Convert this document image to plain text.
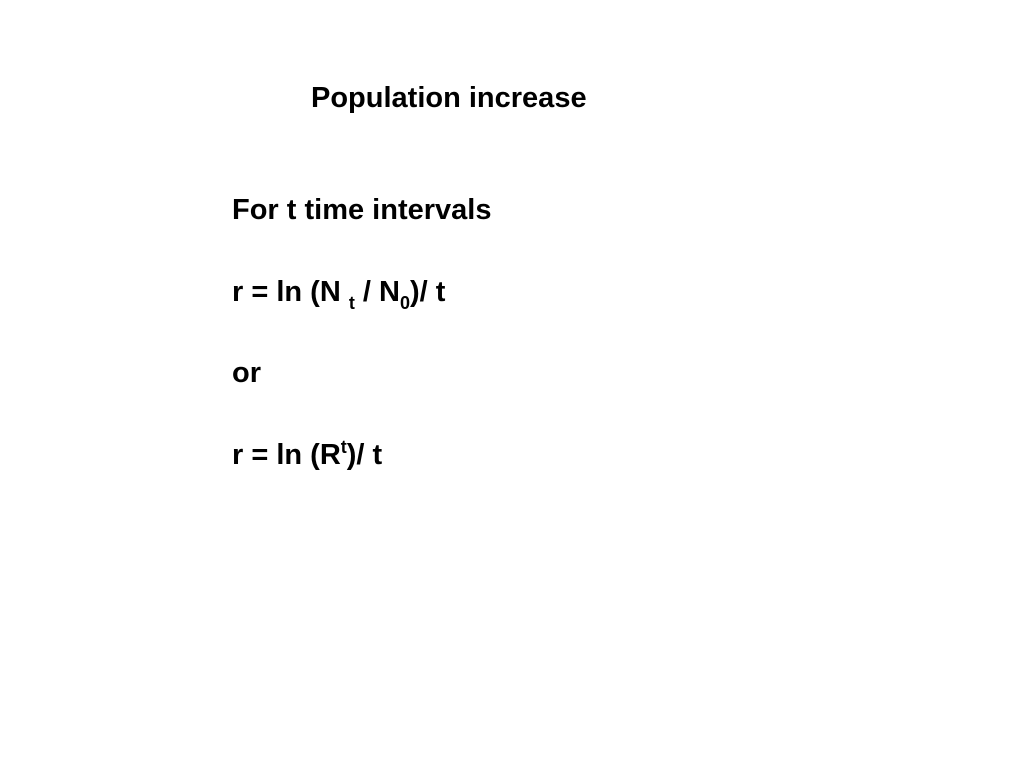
Population increase
For t time intervals
r = ln (N $_t / N_0)/$ t
or
$r = \ln (R^t)/$ t
